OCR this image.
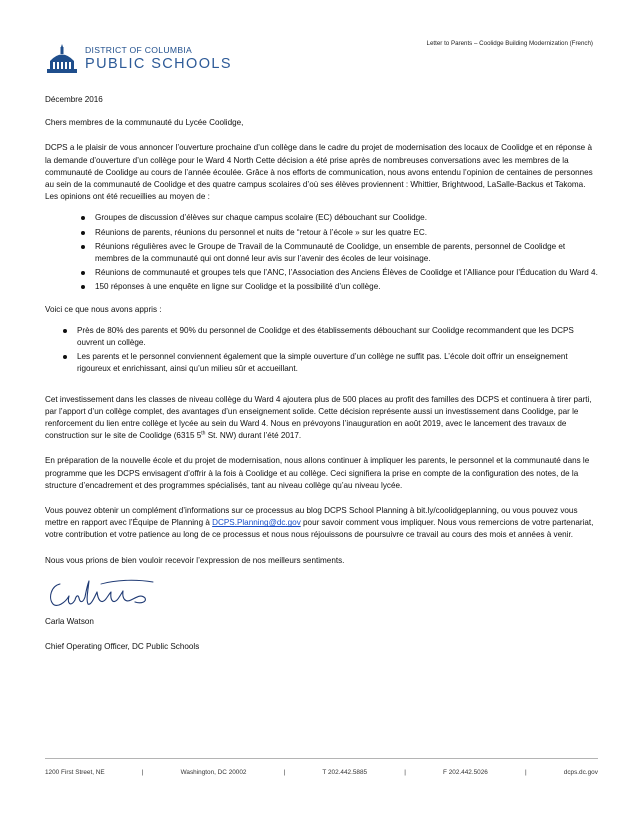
Letter to Parents – Coolidge Building Modernization (French)
DISTRICT OF COLUMBIA
PUBLIC SCHOOLS

Décembre 2016

Chers membres de la communauté du Lycée Coolidge,

DCPS a le plaisir de vous annoncer l’ouverture prochaine d’un collège dans le cadre du projet de modernisation des locaux de Coolidge et en réponse à la demande d’ouverture d’un collège pour le Ward 4 North Cette décision a été prise après de nombreuses conversations avec les membres de la communauté de Coolidge au cours de l’année écoulée. Grâce à nos efforts de communication, nous avons entendu l’opinion de centaines de personnes au sein de la communauté de Coolidge et des quatre campus scolaires d’où ses élèves proviennent : Whittier, Brightwood, LaSalle-Backus et Takoma. Les opinions ont été recueillies au moyen de :

Groupes de discussion d’élèves sur chaque campus scolaire (EC) débouchant sur Coolidge.
Réunions de parents, réunions du personnel et nuits de “retour à l’école » sur les quatre EC.
Réunions régulières avec le Groupe de Travail de la Communauté de Coolidge, un ensemble de parents, personnel de Coolidge et membres de la communauté qui ont donné leur avis sur l’avenir des écoles de leur voisinage.
Réunions de communauté et groupes tels que l’ANC, l’Association des Anciens Élèves de Coolidge et l’Alliance pour l’Éducation du Ward 4.
150 réponses à une enquête en ligne sur Coolidge et la possibilité d’un collège.

Voici ce que nous avons appris :

Près de 80% des parents et 90% du personnel de Coolidge et des établissements débouchant sur Coolidge recommandent que les DCPS ouvrent un collège.
Les parents et le personnel conviennent également que la simple ouverture d’un collège ne suffit pas. L’école doit offrir un enseignement rigoureux et enrichissant, ainsi qu’un milieu sûr et accueillant.

Cet investissement dans les classes de niveau collège du Ward 4 ajoutera plus de 500 places au profit des familles des DCPS et continuera à tirer parti, par l’apport d’un collège complet, des avantages d’un enseignement solide. Cette décision représente aussi un investissement dans Coolidge, par le renforcement du lien entre collège et lycée au sein du Ward 4. Nous en prévoyons l’inauguration en août 2019, avec le lancement des travaux de construction sur le site de Coolidge (6315 5th St. NW) durant l’été 2017.

En préparation de la nouvelle école et du projet de modernisation, nous allons continuer à impliquer les parents, le personnel et la communauté dans le programme que les DCPS envisagent d’offrir à la fois à Coolidge et au collège. Ceci signifiera la prise en compte de la configuration des notes, de la structure d’encadrement et des programmes spécialisés, tant au niveau collège qu’au niveau lycée.

Vous pouvez obtenir un complément d’informations sur ce processus au blog DCPS School Planning à bit.ly/coolidgeplanning, ou vous pouvez vous mettre en rapport avec l’Équipe de Planning à DCPS.Planning@dc.gov pour savoir comment vous impliquer. Nous vous remercions de votre partenariat, votre contribution et votre patience au long de ce processus et nous nous réjouissons de poursuivre ce travail au cours des mois et années à venir.

Nous vous prions de bien vouloir recevoir l’expression de nos meilleurs sentiments.

Carla Watson

Chief Operating Officer, DC Public Schools

1200 First Street, NE	|	Washington, DC 20002	|	T 202.442.5885	|	F 202.442.5026	|	dcps.dc.gov
